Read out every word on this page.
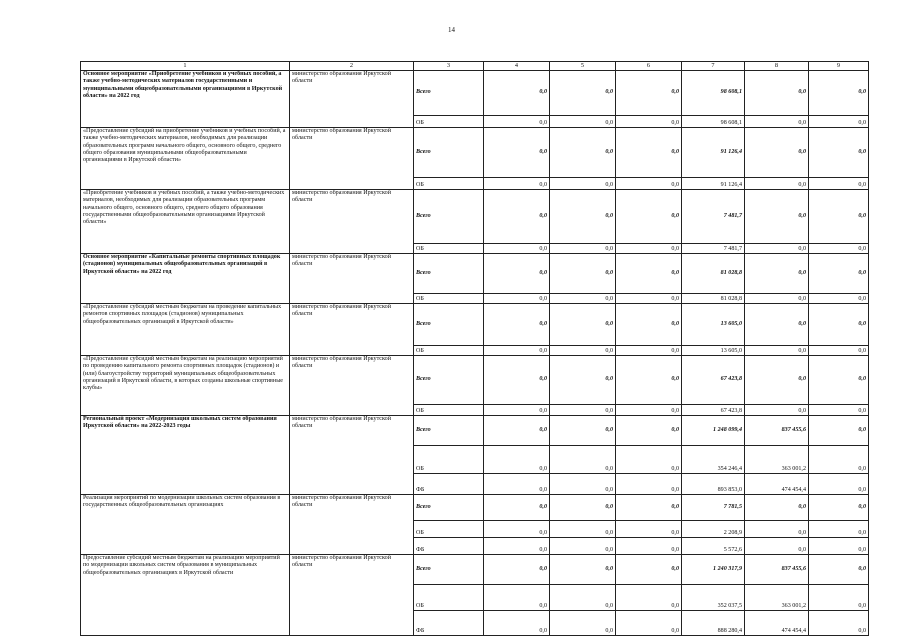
14
1	2	3	4	5	6	7	8	9
Основное мероприятие «Приобретение учебников и учебных пособий, а также учебно-методических материалов государственными и муниципальными общеобразовательными организациями в Иркутской области» на 2022 год	министерство образования Иркутской области	Всего	0,0	0,0	0,0	98 608,1	0,0	0,0
		ОБ	0,0	0,0	0,0	98 608,1	0,0	0,0
«Предоставление субсидий на приобретение учебников и учебных пособий, а также учебно-методических материалов, необходимых для реализации образовательных программ начального общего, основного общего, среднего общего образования муниципальными общеобразовательными организациями в Иркутской области»	министерство образования Иркутской области	Всего	0,0	0,0	0,0	91 126,4	0,0	0,0
		ОБ	0,0	0,0	0,0	91 126,4	0,0	0,0
«Приобретение учебников и учебных пособий, а также учебно-методических материалов, необходимых для реализации образовательных программ начального общего, основного общего, среднего общего образования государственными общеобразовательными организациями Иркутской области»	министерство образования Иркутской области	Всего	0,0	0,0	0,0	7 481,7	0,0	0,0
		ОБ	0,0	0,0	0,0	7 481,7	0,0	0,0
Основное мероприятие «Капитальные ремонты спортивных площадок (стадионов) муниципальных общеобразовательных организаций в Иркутской области» на 2022 год	министерство образования Иркутской области	Всего	0,0	0,0	0,0	81 028,8	0,0	0,0
		ОБ	0,0	0,0	0,0	81 028,8	0,0	0,0
«Предоставление субсидий местным бюджетам на проведение капитальных ремонтов спортивных площадок (стадионов) муниципальных общеобразовательных организаций в Иркутской области»	министерство образования Иркутской области	Всего	0,0	0,0	0,0	13 605,0	0,0	0,0
		ОБ	0,0	0,0	0,0	13 605,0	0,0	0,0
«Предоставление субсидий местным бюджетам на реализацию мероприятий по проведению капитального ремонта спортивных площадок (стадионов) и (или) благоустройству территорий муниципальных общеобразовательных организаций в Иркутской области, в которых созданы школьные спортивные клубы»	министерство образования Иркутской области	Всего	0,0	0,0	0,0	67 423,8	0,0	0,0
		ОБ	0,0	0,0	0,0	67 423,8	0,0	0,0
Региональный проект «Модернизация школьных систем образования Иркутской области» на 2022-2023 годы	министерство образования Иркутской области	Всего	0,0	0,0	0,0	1 248 099,4	837 455,6	0,0
		ОБ	0,0	0,0	0,0	354 246,4	363 001,2	0,0
		ФБ	0,0	0,0	0,0	893 853,0	474 454,4	0,0
Реализация мероприятий по модернизации школьных систем образования в государственных общеобразовательных организациях	министерство образования Иркутской области	Всего	0,0	0,0	0,0	7 781,5	0,0	0,0
		ОБ	0,0	0,0	0,0	2 208,9	0,0	0,0
		ФБ	0,0	0,0	0,0	5 572,6	0,0	0,0
Предоставление субсидий местным бюджетам на реализацию мероприятий по модернизации школьных систем образования в муниципальных общеобразовательных организациях в Иркутской области	министерство образования Иркутской области	Всего	0,0	0,0	0,0	1 240 317,9	837 455,6	0,0
		ОБ	0,0	0,0	0,0	352 037,5	363 001,2	0,0
		ФБ	0,0	0,0	0,0	888 280,4	474 454,4	0,0
